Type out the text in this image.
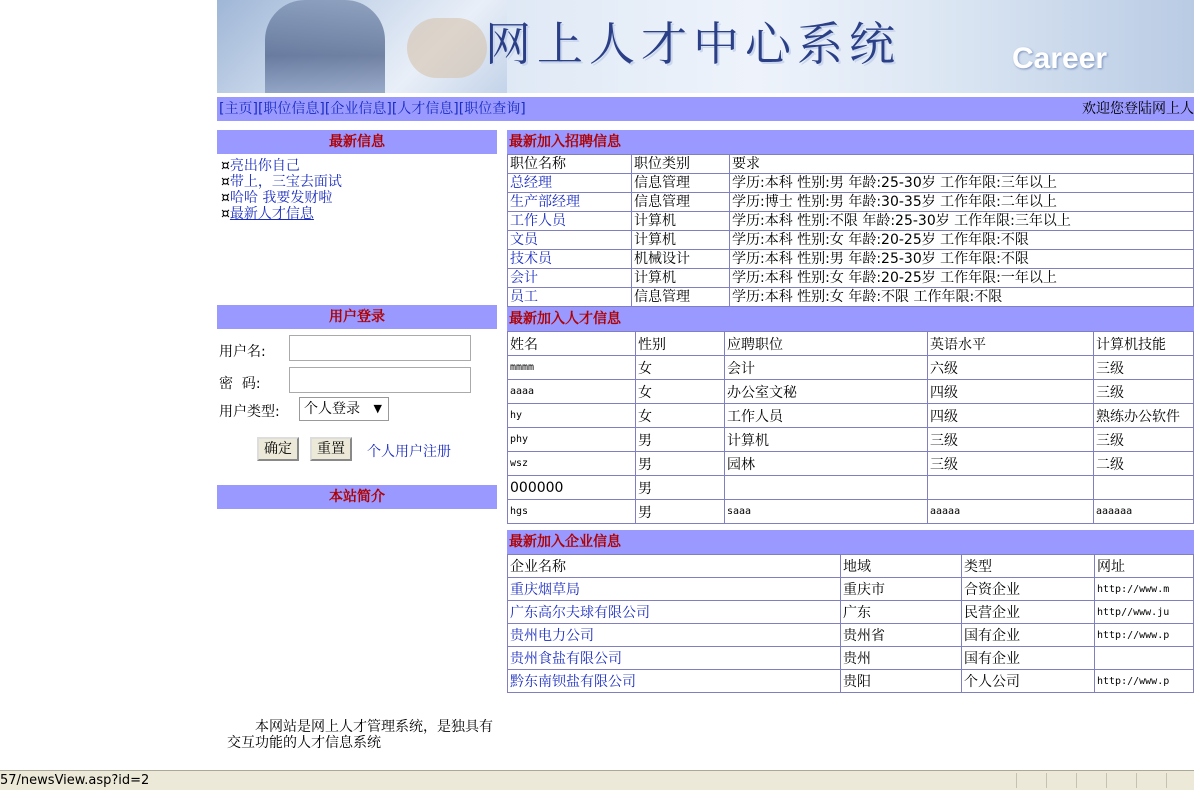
网上人才中心系统	Career
[主页][职位信息][企业信息][人才信息][职位查询]	欢迎您登陆网上人
最新信息
¤亮出你自己
¤带上，三宝去面试
¤哈哈 我要发财啦
¤最新人才信息
用户登录
用户名:
密  码:
用户类型:	个人登录 ▼
确定	重置	个人用户注册
本站简介

本网站是网上人才管理系统，是独具有交互功能的人才信息系统

最新加入招聘信息
职位名称	职位类别	要求
总经理	信息管理	学历:本科 性别:男 年龄:25-30岁 工作年限:三年以上
生产部经理	信息管理	学历:博士 性别:男 年龄:30-35岁 工作年限:二年以上
工作人员	计算机	学历:本科 性别:不限 年龄:25-30岁 工作年限:三年以上
文员	计算机	学历:本科 性别:女 年龄:20-25岁 工作年限:不限
技术员	机械设计	学历:本科 性别:男 年龄:25-30岁 工作年限:不限
会计	计算机	学历:本科 性别:女 年龄:20-25岁 工作年限:一年以上
员工	信息管理	学历:本科 性别:女 年龄:不限 工作年限:不限
最新加入人才信息
姓名	性别	应聘职位	英语水平	计算机技能
mmmm	女	会计	六级	三级
aaaa	女	办公室文秘	四级	三级
hy	女	工作人员	四级	熟练办公软件
phy	男	计算机	三级	三级
wsz	男	园林	三级	二级
000000	男			
hgs	男	saaa	aaaaa	aaaaaa
最新加入企业信息
企业名称	地域	类型	网址
重庆烟草局	重庆市	合资企业	http://www.m
广东高尔夫球有限公司	广东	民营企业	http//www.ju
贵州电力公司	贵州省	国有企业	http://www.p
贵州食盐有限公司	贵州	国有企业	
黔东南钡盐有限公司	贵阳	个人公司	http://www.p
57/newsView.asp?id=2
